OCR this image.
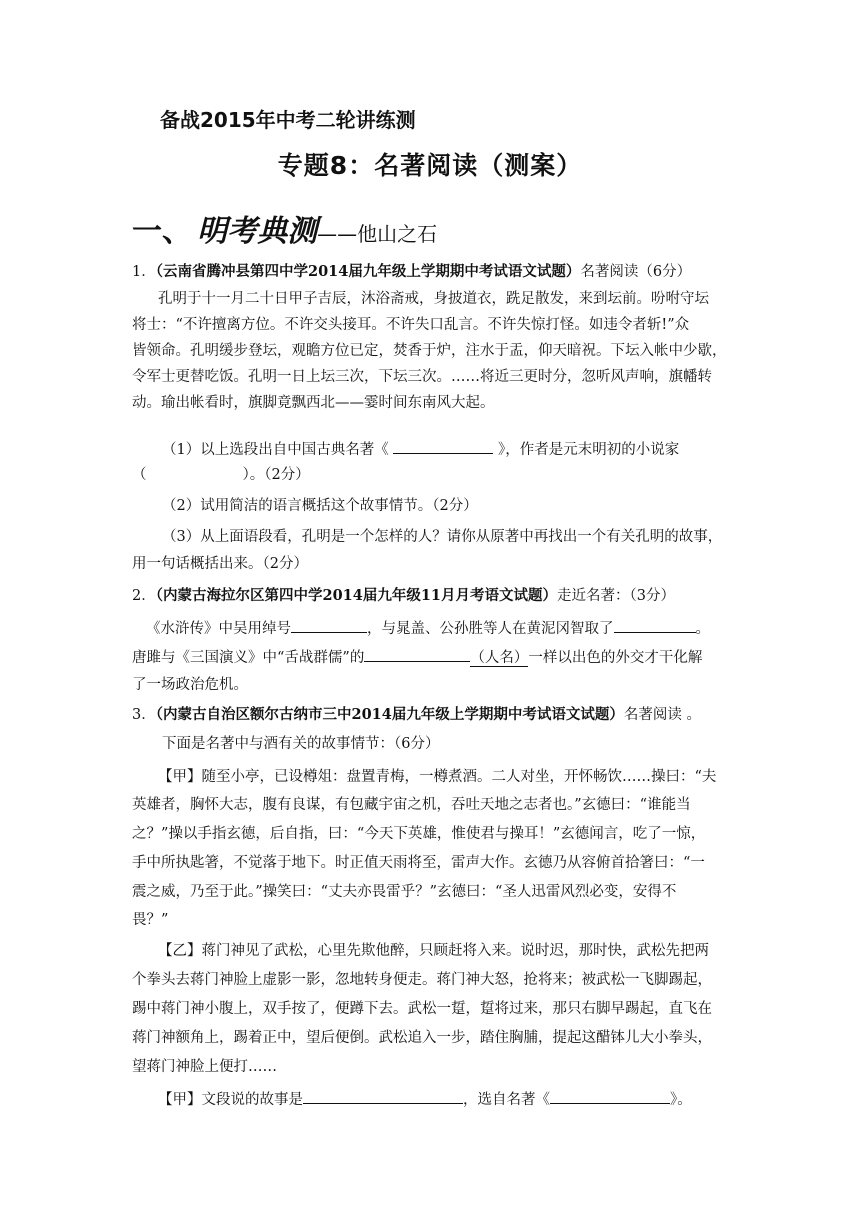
备战2015年中考二轮讲练测
专题8：名著阅读（测案）
一、 明考典测——他山之石
1．（云南省腾冲县第四中学2014届九年级上学期期中考试语文试题）名著阅读（6分）
孔明于十一月二十日甲子吉辰，沐浴斋戒，身披道衣，跣足散发，来到坛前。吩咐守坛
将士：“不许擅离方位。不许交头接耳。不许失口乱言。不许失惊打怪。如违令者斩!”众
皆领命。孔明缓步登坛，观瞻方位已定，焚香于炉，注水于盂，仰天暗祝。下坛入帐中少歇，
令军士更替吃饭。孔明一日上坛三次，下坛三次。……将近三更时分，忽听风声响，旗幡转
动。瑜出帐看时，旗脚竟飘西北——霎时间东南风大起。
（1）以上选段出自中国古典名著《	》，作者是元末明初的小说家
（	）。（2分）
（2）试用简洁的语言概括这个故事情节。（2分）
（3）从上面语段看，孔明是一个怎样的人？请你从原著中再找出一个有关孔明的故事，
用一句话概括出来。（2分）
2．（内蒙古海拉尔区第四中学2014届九年级11月月考语文试题）走近名著：（3分）
《水浒传》中吴用绰号	，与晁盖、公孙胜等人在黄泥冈智取了	。
唐雎与《三国演义》中“舌战群儒”的	（人名）一样以出色的外交才干化解
了一场政治危机。
3．（内蒙古自治区额尔古纳市三中2014届九年级上学期期中考试语文试题）名著阅读 。
下面是名著中与酒有关的故事情节：（6分）
【甲】随至小亭，已设樽俎：盘置青梅，一樽煮酒。二人对坐，开怀畅饮……操曰：“夫
英雄者，胸怀大志，腹有良谋，有包藏宇宙之机，吞吐天地之志者也。”玄德曰：“谁能当
之？”操以手指玄德，后自指，曰：“今天下英雄，惟使君与操耳！”玄德闻言，吃了一惊，
手中所执匙箸，不觉落于地下。时正值天雨将至，雷声大作。玄德乃从容俯首拾箸曰：“一
震之威，乃至于此。”操笑曰：“丈夫亦畏雷乎？”玄德曰：“圣人迅雷风烈必变，安得不
畏？”
【乙】蒋门神见了武松，心里先欺他醉，只顾赶将入来。说时迟，那时快，武松先把两
个拳头去蒋门神脸上虚影一影，忽地转身便走。蒋门神大怒，抢将来；被武松一飞脚踢起，
踢中蒋门神小腹上，双手按了，便蹲下去。武松一踅，踅将过来，那只右脚早踢起，直飞在
蒋门神额角上，踢着正中，望后便倒。武松追入一步，踏住胸脯，提起这醋钵儿大小拳头，
望蒋门神脸上便打……
【甲】文段说的故事是	，选自名著《	》。
